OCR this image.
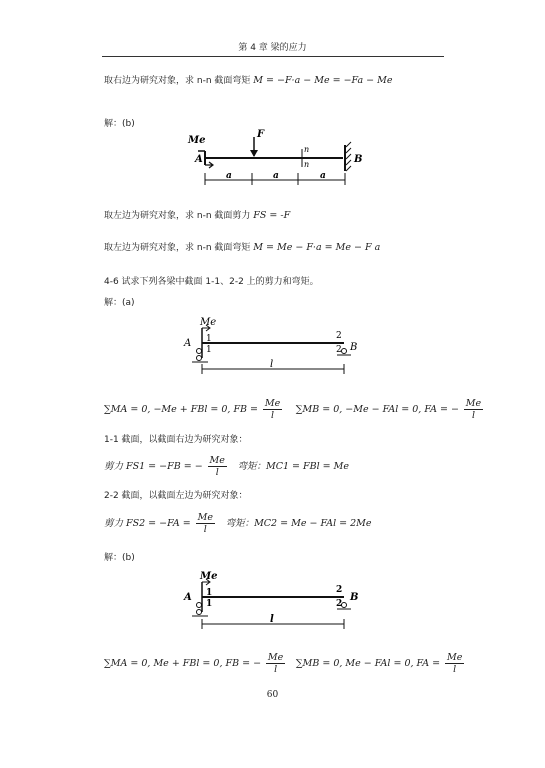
第 4 章 梁的应力
取右边为研究对象，求 n-n 截面弯矩 M = −F·a − Me = −Fa − Me
解：(b)
Me
F
A	B
n
n
a	a	a
取左边为研究对象，求 n-n 截面剪力 FS = -F
取左边为研究对象，求 n-n 截面弯矩 M = Me − F·a = Me − F a
4-6 试求下列各梁中截面 1-1、2-2 上的剪力和弯矩。
解：(a)
Me
A	B
1
1
2
2
l
∑MA = 0, −Me + FBl = 0, FB = $\frac{Me}{l} \sum MB = 0$, −Me − FAl = 0, FA = − $\frac{Me}{l}$
1-1 截面，以截面右边为研究对象：
剪力 FS1 = −FB = − $\frac{Me}{l}$ 弯矩：MC1 = FBl = Me
2-2 截面，以截面左边为研究对象：
剪力 $FS2 = -FA = \frac{Me}{l}$ 弯矩：MC2 = Me − FAl = 2Me
解：(b)
Me
A	B
1
1
2
2
l
∑MA = 0, Me + FBl = 0, FB = − $\frac{Me}{l} \sum MB = 0$, Me − FAl = 0, FA = $\frac{Me}{l}$
60
